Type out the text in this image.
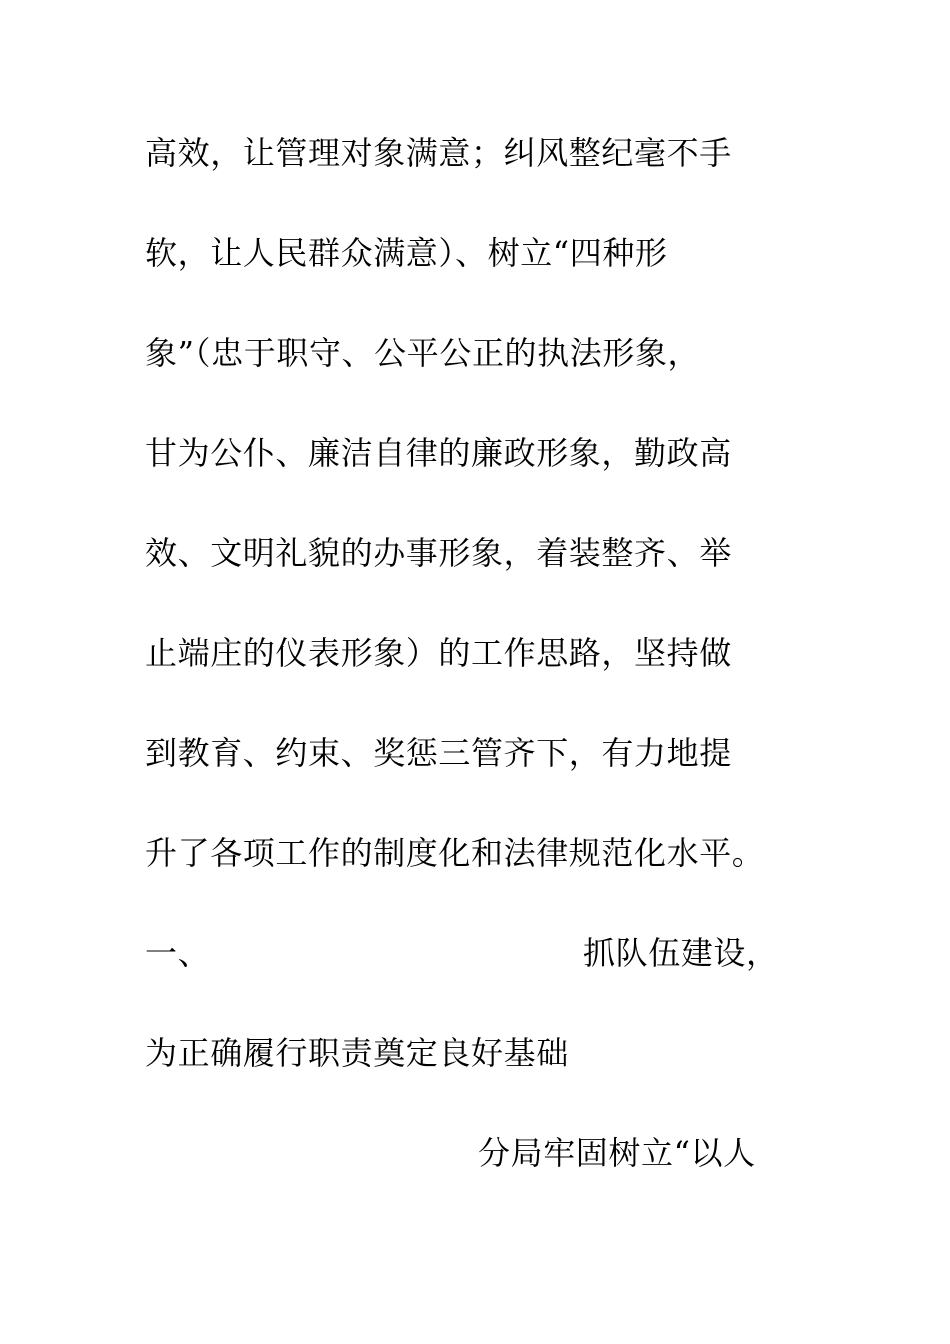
高效，让管理对象满意；纠风整纪毫不手
软，让人民群众满意）、树立“四种形
象”（忠于职守、公平公正的执法形象，
甘为公仆、廉洁自律的廉政形象，勤政高
效、文明礼貌的办事形象，着装整齐、举
止端庄的仪表形象）的工作思路，坚持做
到教育、约束、奖惩三管齐下，有力地提
升了各项工作的制度化和法律规范化水平。
一、	抓队伍建设，
为正确履行职责奠定良好基础
分局牢固树立“以人
